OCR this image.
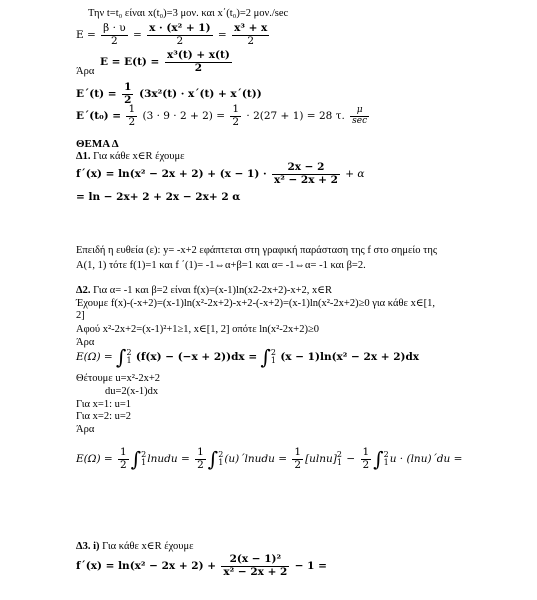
Την t=t₀ είναι x(t₀)=3 μον. και x΄(t₀)=2 μον./sec
$E = \frac{\beta \cdot \upsilon}{2} = \frac{\text{x · (x² + 1)}}{2} = \frac{\text{x³ + x}}{2}$
Άρα
$E = E(t) = \frac{\text{x³(t) + x(t)}}{2}$
$E΄(t) = \frac{1}{2} (3x^2(t) \cdot x΄(t) + x΄(t))$
$E΄(t_0) = \frac{1}{2} (3 \cdot 9 \cdot 2 + 2) = \frac{1}{2} \cdot 2(27 + 1) = 28$ τ. $\frac{\mu}{\sec}$
ΘΕΜΑ Δ
Δ1. Για κάθε x∈R έχουμε
$f΄(x) = \ln(x^2 - 2x + 2) + (x - 1) \cdot \frac{2x - 2}{\text{x² − 2x + 2}} + \alpha$
= ln − 2x+ 2 + 2x − 2x+ 2 α
Επειδή η ευθεία (ε): y= -x+2 εφάπτεται στη γραφική παράσταση της f στο σημείο της
A(1, 1) τότε f(1)=1 και f ΄(1)= -1⇔α+β=1 και α= -1⇔α= -1 και β=2.
Δ2. Για α= -1 και β=2 είναι f(x)=(x-1)ln(x2-2x+2)-x+2, x∈R
Έχουμε f(x)-(-x+2)=(x-1)ln(x²-2x+2)-x+2-(-x+2)=(x-1)ln(x²-2x+2)≥0 για κάθε x∈[1,
2]
Αφού x²-2x+2=(x-1)²+1≥1, x∈[1, 2] οπότε ln(x²-2x+2)≥0
Άρα
E(Ω) = ∫2
1 (f(x) − (−x + 2))dx = ∫2
1 (x − 1)ln(x² − 2x + 2)dx
Θέτουμε u=x²-2x+2
du=2(x-1)dx
Για x=1: u=1
Για x=2: u=2
Άρα
$E(\Omega) = \frac{1}{2} \int 2$
1lnudu = $\frac{1}{2} \int 2$
1(u)΄lnudu = $\frac{1}{2} [ulnu]2$
$1 - \frac{1}{2} \int 2$
1u · (lnu)΄du =
Δ3. i) Για κάθε x∈R έχουμε
$f΄(x) = \ln(x^2 - 2x + 2) + \frac{\text{2(x − 1)²}}{\text{x² − 2x + 2}} - 1$ =
